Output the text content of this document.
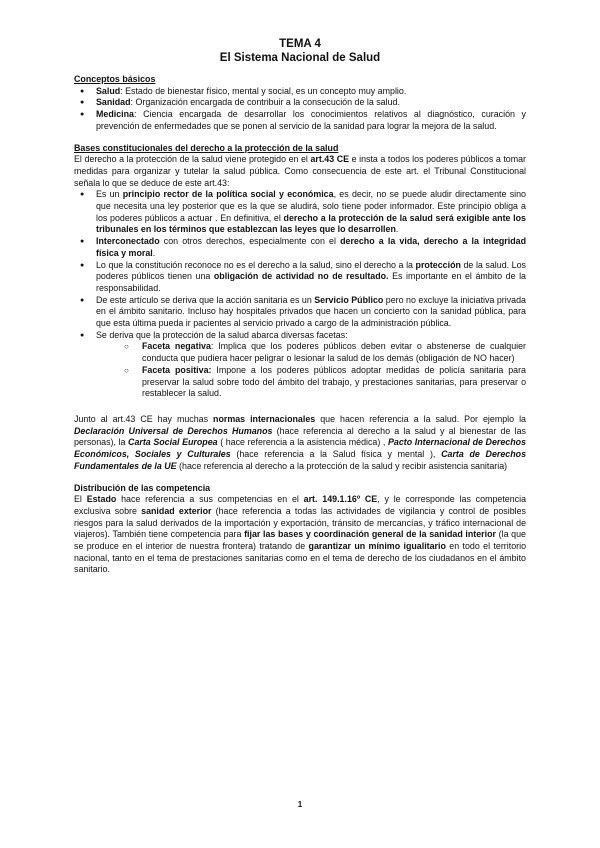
TEMA 4
El Sistema Nacional de Salud
Conceptos básicos
● Salud: Estado de bienestar físico, mental y social, es un concepto muy amplio.
● Sanidad: Organización encargada de contribuir a la consecución de la salud.
● Medicina: Ciencia encargada de desarrollar los conocimientos relativos al diagnóstico, curación y prevención de enfermedades que se ponen al servicio de la sanidad para lograr la mejora de la salud.
Bases constitucionales del derecho a la protección de la salud

El derecho a la protección de la salud viene protegido en el art.43 CE e insta a todos los poderes públicos a tomar medidas para organizar y tutelar la salud pública. Como consecuencia de este art. el Tribunal Constitucional señala lo que se deduce de este art.43:

● Es un principio rector de la política social y económica, es decir, no se puede aludir directamente sino que necesita una ley posterior que es la que se aludirá, solo tiene poder informador. Este principio obliga a los poderes públicos a actuar . En definitiva, el derecho a la protección de la salud será exigible ante los tribunales en los términos que establezcan las leyes que lo desarrollen.
● Interconectado con otros derechos, especialmente con el derecho a la vida, derecho a la integridad física y moral.
● Lo que la constitución reconoce no es el derecho a la salud, sino el derecho a la protección de la salud. Los poderes públicos tienen una obligación de actividad no de resultado. Es importante en el ámbito de la responsabilidad.
● De este artículo se deriva que la acción sanitaria es un Servicio Público pero no excluye la iniciativa privada en el ámbito sanitario. Incluso hay hospitales privados que hacen un concierto con la sanidad pública, para que esta última pueda ir pacientes al servicio privado a cargo de la administración pública.
● Se deriva que la protección de la salud abarca diversas facetas:
○ Faceta negativa: Implica que los poderes públicos deben evitar o abstenerse de cualquier conducta que pudiera hacer peligrar o lesionar la salud de los demás (obligación de NO hacer)
○ Faceta positiva: Impone a los poderes públicos adoptar medidas de policía sanitaria para preservar la salud sobre todo del ámbito del trabajo, y prestaciones sanitarias, para preservar o restablecer la salud.

Junto al art.43 CE hay muchas normas internacionales que hacen referencia a la salud. Por ejemplo la Declaración Universal de Derechos Humanos (hace referencia al derecho a la salud y al bienestar de las personas), la Carta Social Europea ( hace referencia a la asistencia médica) , Pacto Internacional de Derechos Económicos, Sociales y Culturales (hace referencia a la Salud física y mental ), Carta de Derechos Fundamentales de la UE (hace referencia al derecho a la protección de la salud y recibir asistencia sanitaria)

Distribución de las competencia

El Estado hace referencia a sus competencias en el art. 149.1.16º CE, y le corresponde las competencia exclusiva sobre sanidad exterior (hace referencia a todas las actividades de vigilancia y control de posibles riesgos para la salud derivados de la importación y exportación, tránsito de mercancías, y tráfico internacional de viajeros). También tiene competencia para fijar las bases y coordinación general de la sanidad interior (la que se produce en el interior de nuestra frontera) tratando de garantizar un mínimo igualitario en todo el territorio nacional, tanto en el tema de prestaciones sanitarias como en el tema de derecho de los ciudadanos en el ámbito sanitario.

1
